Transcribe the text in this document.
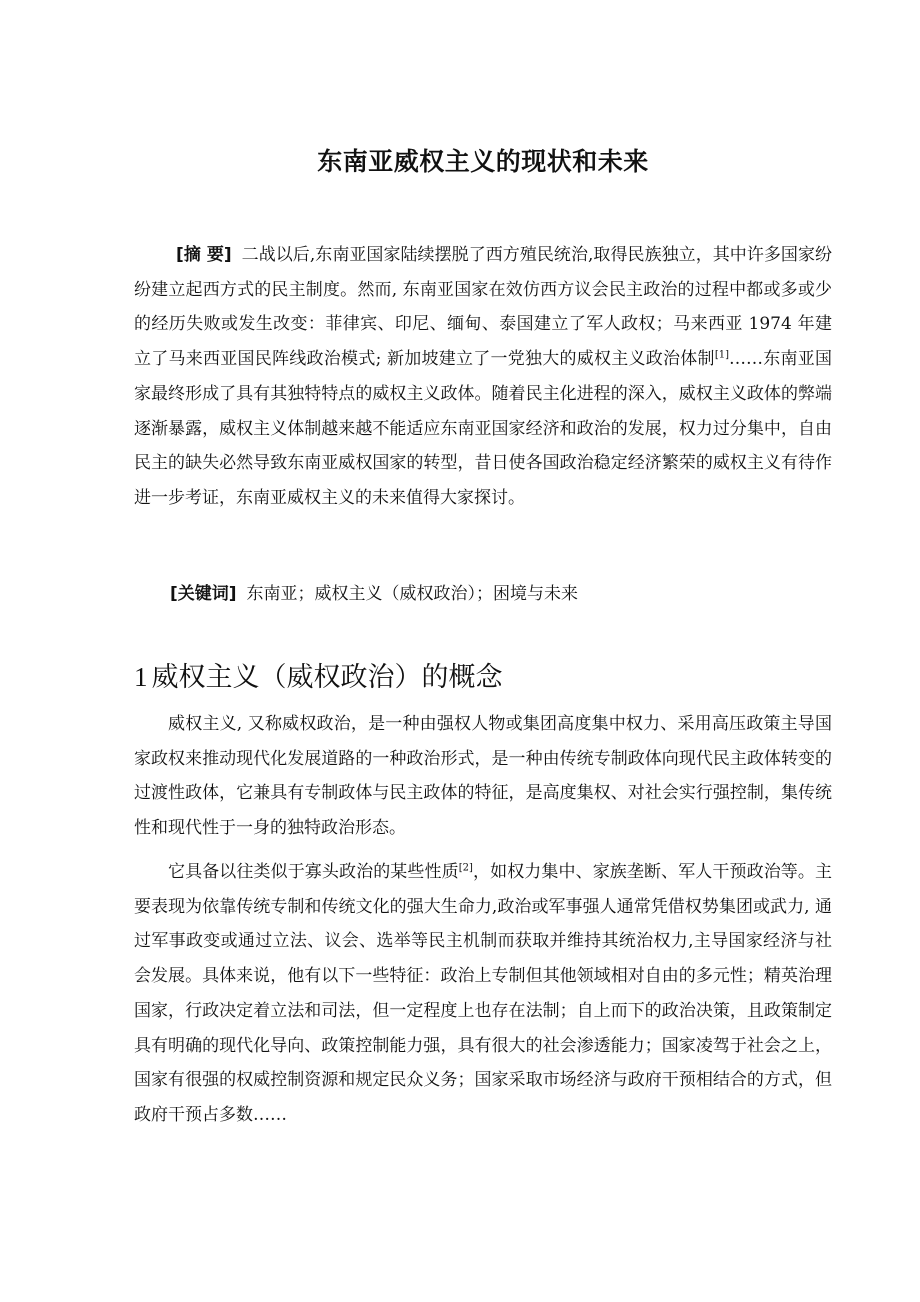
东南亚威权主义的现状和未来
[摘 要] 二战以后,东南亚国家陆续摆脱了西方殖民统治,取得民族独立，其中许多国家纷纷建立起西方式的民主制度。然而, 东南亚国家在效仿西方议会民主政治的过程中都或多或少的经历失败或发生改变：菲律宾、印尼、缅甸、泰国建立了军人政权；马来西亚 1974 年建立了马来西亚国民阵线政治模式; 新加坡建立了一党独大的威权主义政治体制[1]……东南亚国家最终形成了具有其独特特点的威权主义政体。随着民主化进程的深入，威权主义政体的弊端逐渐暴露，威权主义体制越来越不能适应东南亚国家经济和政治的发展，权力过分集中，自由民主的缺失必然导致东南亚威权国家的转型，昔日使各国政治稳定经济繁荣的威权主义有待作进一步考证，东南亚威权主义的未来值得大家探讨。
[关键词] 东南亚；威权主义（威权政治）；困境与未来
1 威权主义（威权政治）的概念
威权主义, 又称威权政治，是一种由强权人物或集团高度集中权力、采用高压政策主导国家政权来推动现代化发展道路的一种政治形式，是一种由传统专制政体向现代民主政体转变的过渡性政体，它兼具有专制政体与民主政体的特征，是高度集权、对社会实行强控制，集传统性和现代性于一身的独特政治形态。
它具备以往类似于寡头政治的某些性质[2]，如权力集中、家族垄断、军人干预政治等。主要表现为依靠传统专制和传统文化的强大生命力,政治或军事强人通常凭借权势集团或武力, 通过军事政变或通过立法、议会、选举等民主机制而获取并维持其统治权力,主导国家经济与社会发展。具体来说，他有以下一些特征：政治上专制但其他领域相对自由的多元性；精英治理国家，行政决定着立法和司法，但一定程度上也存在法制；自上而下的政治决策，且政策制定具有明确的现代化导向、政策控制能力强，具有很大的社会渗透能力；国家凌驾于社会之上，国家有很强的权威控制资源和规定民众义务；国家采取市场经济与政府干预相结合的方式，但政府干预占多数……
